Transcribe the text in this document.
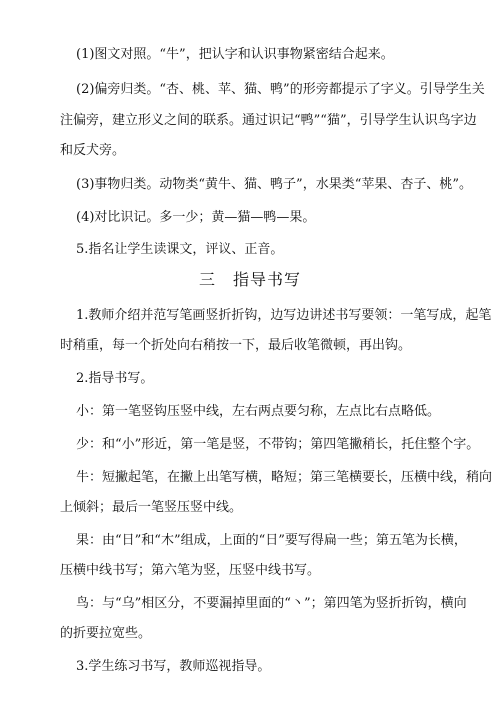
(1)图文对照。“牛”，把认字和认识事物紧密结合起来。
(2)偏旁归类。“杏、桃、苹、猫、鸭”的形旁都提示了字义。引导学生关
注偏旁，建立形义之间的联系。通过识记“鸭”“猫”，引导学生认识鸟字边
和反犬旁。
(3)事物归类。动物类“黄牛、猫、鸭子”，水果类“苹果、杏子、桃”。
(4)对比识记。多一少；黄—猫—鸭—果。
5.指名让学生读课文，评议、正音。
三　指导书写
1.教师介绍并范写笔画竖折折钩，边写边讲述书写要领：一笔写成，起笔
时稍重，每一个折处向右稍按一下，最后收笔微顿，再出钩。
2.指导书写。
小：第一笔竖钩压竖中线，左右两点要匀称，左点比右点略低。
少：和“小”形近，第一笔是竖，不带钩；第四笔撇稍长，托住整个字。
牛：短撇起笔，在撇上出笔写横，略短；第三笔横要长，压横中线，稍向
上倾斜；最后一笔竖压竖中线。
果：由“日”和“木”组成，上面的“日”要写得扁一些；第五笔为长横，
压横中线书写；第六笔为竖，压竖中线书写。
鸟：与“乌”相区分，不要漏掉里面的“丶”；第四笔为竖折折钩，横向
的折要拉宽些。
3.学生练习书写，教师巡视指导。
